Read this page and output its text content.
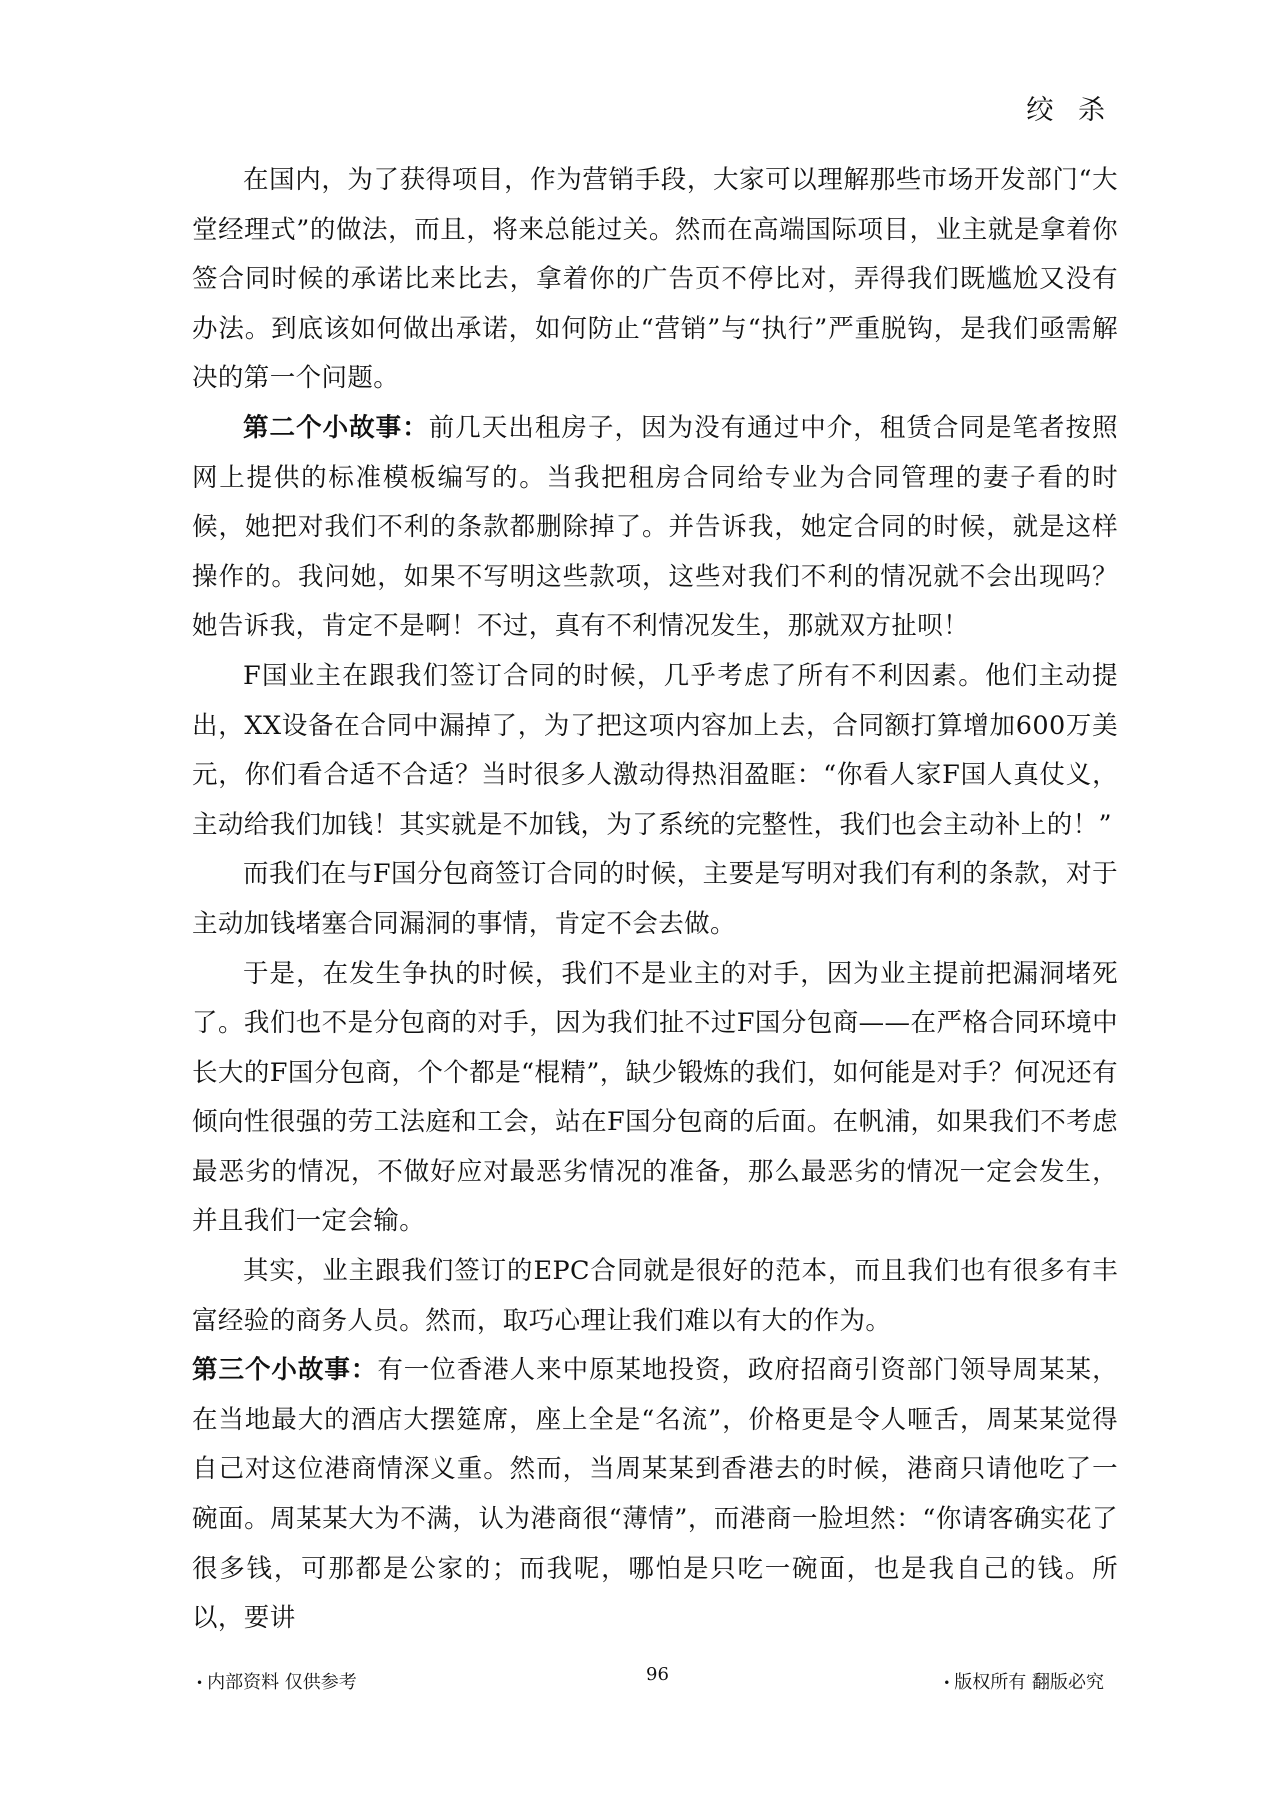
绞 杀

在国内，为了获得项目，作为营销手段，大家可以理解那些市场开发部门“大堂经理式”的做法，而且，将来总能过关。然而在高端国际项目，业主就是拿着你签合同时候的承诺比来比去，拿着你的广告页不停比对，弄得我们既尴尬又没有办法。到底该如何做出承诺，如何防止“营销”与“执行”严重脱钩，是我们亟需解决的第一个问题。

第二个小故事：前几天出租房子，因为没有通过中介，租赁合同是笔者按照网上提供的标准模板编写的。当我把租房合同给专业为合同管理的妻子看的时候，她把对我们不利的条款都删除掉了。并告诉我，她定合同的时候，就是这样操作的。我问她，如果不写明这些款项，这些对我们不利的情况就不会出现吗？她告诉我，肯定不是啊！不过，真有不利情况发生，那就双方扯呗！

F国业主在跟我们签订合同的时候，几乎考虑了所有不利因素。他们主动提出，XX设备在合同中漏掉了，为了把这项内容加上去，合同额打算增加600万美元，你们看合适不合适？当时很多人激动得热泪盈眶：“你看人家F国人真仗义，主动给我们加钱！其实就是不加钱，为了系统的完整性，我们也会主动补上的！”

而我们在与F国分包商签订合同的时候，主要是写明对我们有利的条款，对于主动加钱堵塞合同漏洞的事情，肯定不会去做。

于是，在发生争执的时候，我们不是业主的对手，因为业主提前把漏洞堵死了。我们也不是分包商的对手，因为我们扯不过F国分包商——在严格合同环境中长大的F国分包商，个个都是“棍精”，缺少锻炼的我们，如何能是对手？何况还有倾向性很强的劳工法庭和工会，站在F国分包商的后面。在帆浦，如果我们不考虑最恶劣的情况，不做好应对最恶劣情况的准备，那么最恶劣的情况一定会发生，并且我们一定会输。

其实，业主跟我们签订的EPC合同就是很好的范本，而且我们也有很多有丰富经验的商务人员。然而，取巧心理让我们难以有大的作为。

第三个小故事：有一位香港人来中原某地投资，政府招商引资部门领导周某某，在当地最大的酒店大摆筵席，座上全是“名流”，价格更是令人咂舌，周某某觉得自己对这位港商情深义重。然而，当周某某到香港去的时候，港商只请他吃了一碗面。周某某大为不满，认为港商很“薄情”，而港商一脸坦然：“你请客确实花了很多钱，可那都是公家的；而我呢，哪怕是只吃一碗面，也是我自己的钱。所以，要讲

• 内部资料 仅供参考	96	• 版权所有 翻版必究
